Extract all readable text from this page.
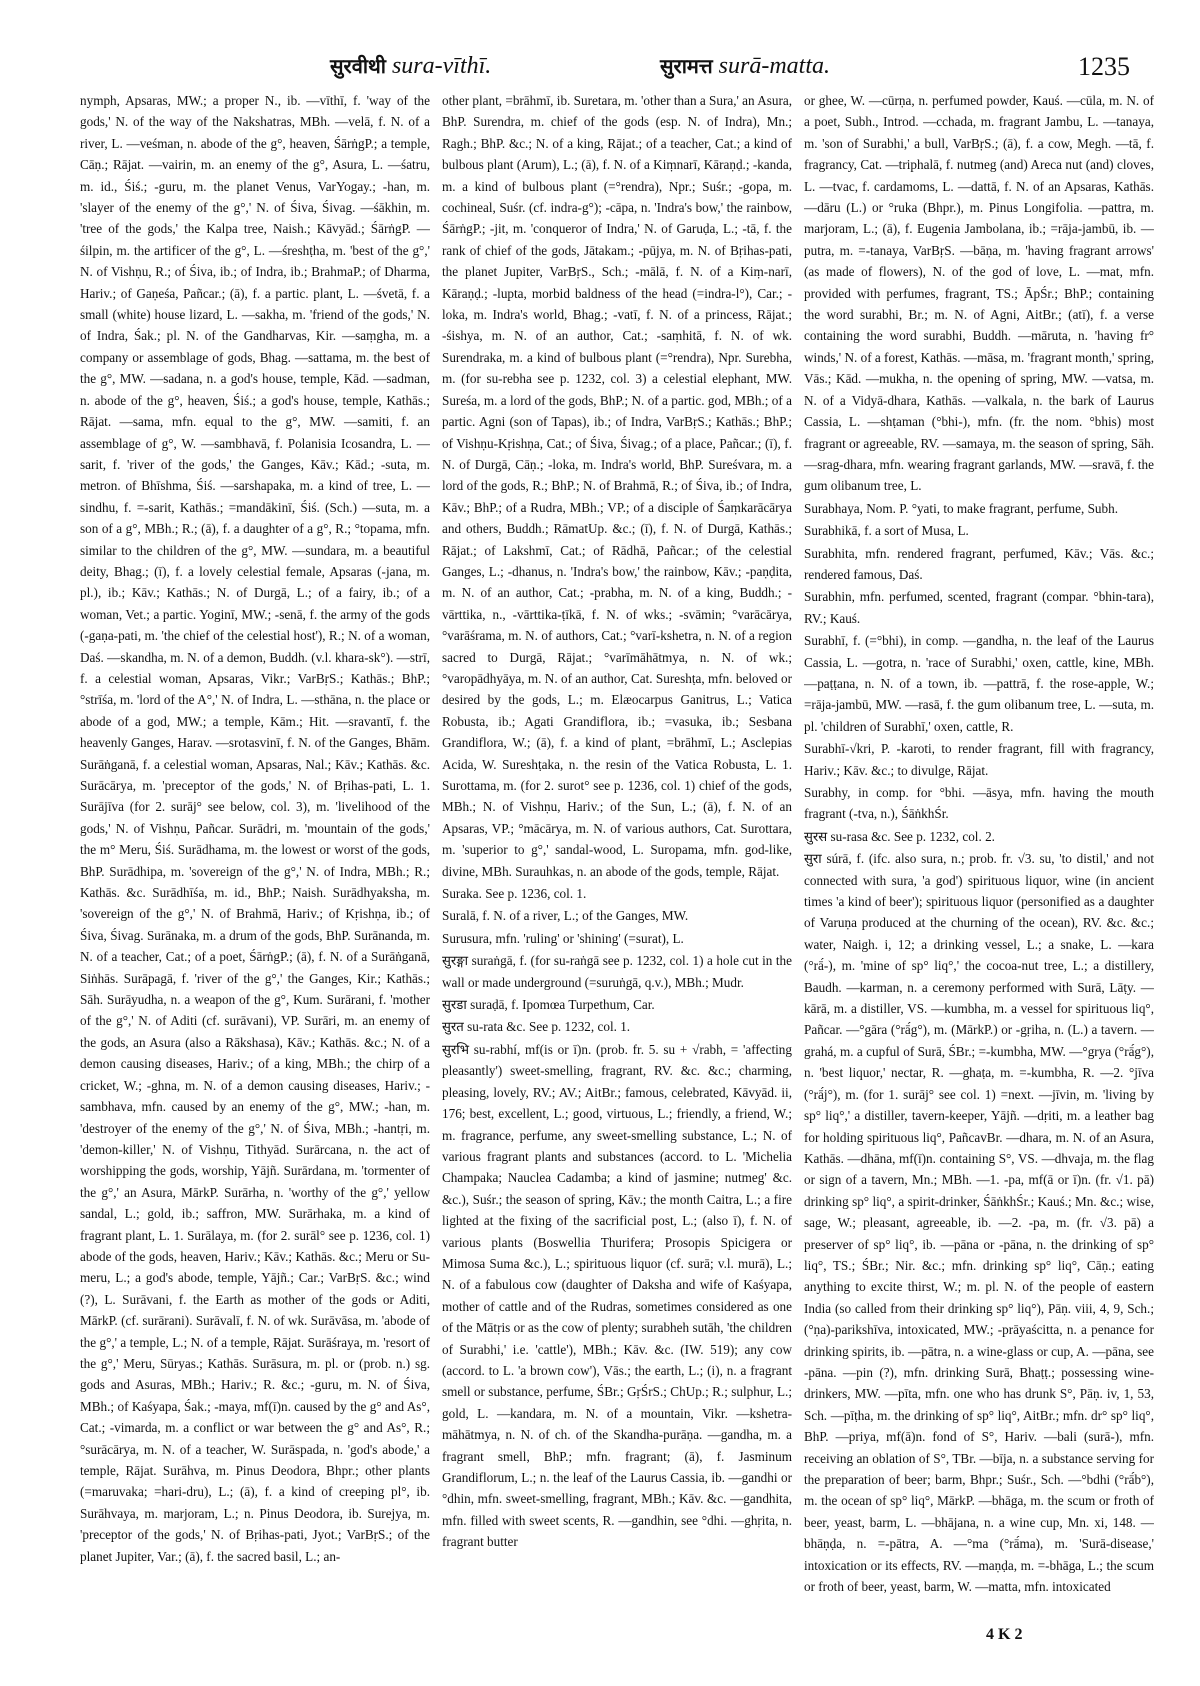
सुरवीथी sura-vīthī.	सुरामत्त surā-matta.	1235

nymph, Apsaras, MW.; a proper N., ib. —vīthī, f. 'way of the gods,' N. of the way of the Nakshatras, MBh. —velā, f. N. of a river, L. —veśman, n. abode of the g°, heaven, ŚārṅgP.; a temple, Cāṇ.; Rājat. —vairin, m. an enemy of the g°, Asura, L. —śatru, m. id., Śiś.; -guru, m. the planet Venus, VarYogay.; -han, m. 'slayer of the enemy of the g°,' N. of Śiva, Śivag. —śākhin, m. 'tree of the gods,' the Kalpa tree, Naish.; Kāvyād.; ŚārṅgP. —śilpin, m. the artificer of the g°, L. —śreshṭha, m. 'best of the g°,' N. of Vishṇu, R.; of Śiva, ib.; of Indra, ib.; BrahmaP.; of Dharma, Hariv.; of Gaṇeśa, Pañcar.; (ā), f. a partic. plant, L. —śvetā, f. a small (white) house lizard, L. —sakha, m. 'friend of the gods,' N. of Indra, Śak.; pl. N. of the Gandharvas, Kir. —saṃgha, m. a company or assemblage of gods, Bhag. —sattama, m. the best of the g°, MW. —sadana, n. a god's house, temple, Kād. —sadman, n. abode of the g°, heaven, Śiś.; a god's house, temple, Kathās.; Rājat. —sama, mfn. equal to the g°, MW. —samiti, f. an assemblage of g°, W. —sambhavā, f. Polanisia Icosandra, L. —sarit, f. 'river of the gods,' the Ganges, Kāv.; Kād.; -suta, m. metron. of Bhīshma, Śiś. —sarshapaka, m. a kind of tree, L. —sindhu, f. =-sarit, Kathās.; =mandākinī, Śiś. (Sch.) —suta, m. a son of a g°, MBh.; R.; (ā), f. a daughter of a g°, R.; °topama, mfn. similar to the children of the g°, MW. —sundara, m. a beautiful deity, Bhag.; (ī), f. a lovely celestial female, Apsaras (-jana, m. pl.), ib.; Kāv.; Kathās.; N. of Durgā, L.; of a fairy, ib.; of a woman, Vet.; a partic. Yoginī, MW.; -senā, f. the army of the gods (-gaṇa-pati, m. 'the chief of the celestial host'), R.; N. of a woman, Daś. —skandha, m. N. of a demon, Buddh. (v.l. khara-sk°). —strī, f. a celestial woman, Apsaras, Vikr.; VarBṛS.; Kathās.; BhP.; °strīśa, m. 'lord of the A°,' N. of Indra, L. —sthāna, n. the place or abode of a god, MW.; a temple, Kām.; Hit. —sravantī, f. the heavenly Ganges, Harav. —srotasvinī, f. N. of the Ganges, Bhām. Surāṅganā, f. a celestial woman, Apsaras, Nal.; Kāv.; Kathās. &c. Surācārya, m. 'preceptor of the gods,' N. of Bṛihas-pati, L. 1. Surājīva (for 2. surāj° see below, col. 3), m. 'livelihood of the gods,' N. of Vishṇu, Pañcar. Surādri, m. 'mountain of the gods,' the m° Meru, Śiś. Surādhama, m. the lowest or worst of the gods, BhP. Surādhipa, m. 'sovereign of the g°,' N. of Indra, MBh.; R.; Kathās. &c. Surādhīśa, m. id., BhP.; Naish. Surādhyaksha, m. 'sovereign of the g°,' N. of Brahmā, Hariv.; of Kṛishṇa, ib.; of Śiva, Śivag. Surānaka, m. a drum of the gods, BhP. Surānanda, m. N. of a teacher, Cat.; of a poet, ŚārṅgP.; (ā), f. N. of a Surāṅganā, Siṅhās. Surāpagā, f. 'river of the g°,' the Ganges, Kir.; Kathās.; Sāh. Surāyudha, n. a weapon of the g°, Kum. Surārani, f. 'mother of the g°,' N. of Aditi (cf. surāvani), VP. Surāri, m. an enemy of the gods, an Asura (also a Rākshasa), Kāv.; Kathās. &c.; N. of a demon causing diseases, Hariv.; of a king, MBh.; the chirp of a cricket, W.; -ghna, m. N. of a demon causing diseases, Hariv.; -sambhava, mfn. caused by an enemy of the g°, MW.; -han, m. 'destroyer of the enemy of the g°,' N. of Śiva, MBh.; -hantṛi, m. 'demon-killer,' N. of Vishṇu, Tithyād. Surārcana, n. the act of worshipping the gods, worship, Yājñ. Surārdana, m. 'tormenter of the g°,' an Asura, MārkP. Surārha, n. 'worthy of the g°,' yellow sandal, L.; gold, ib.; saffron, MW. Surārhaka, m. a kind of fragrant plant, L. 1. Surālaya, m. (for 2. surāl° see p. 1236, col. 1) abode of the gods, heaven, Hariv.; Kāv.; Kathās. &c.; Meru or Su-meru, L.; a god's abode, temple, Yājñ.; Car.; VarBṛS. &c.; wind (?), L. Surāvani, f. the Earth as mother of the gods or Aditi, MārkP. (cf. surārani). Surāvalī, f. N. of wk. Surāvāsa, m. 'abode of the g°,' a temple, L.; N. of a temple, Rājat. Surāśraya, m. 'resort of the g°,' Meru, Sūryas.; Kathās. Surāsura, m. pl. or (prob. n.) sg. gods and Asuras, MBh.; Hariv.; R. &c.; -guru, m. N. of Śiva, MBh.; of Kaśyapa, Śak.; -maya, mf(ī)n. caused by the g° and As°, Cat.; -vimarda, m. a conflict or war between the g° and As°, R.; °surācārya, m. N. of a teacher, W. Surāspada, n. 'god's abode,' a temple, Rājat. Surāhva, m. Pinus Deodora, Bhpr.; other plants (=maruvaka; =hari-dru), L.; (ā), f. a kind of creeping pl°, ib. Surāhvaya, m. marjoram, L.; n. Pinus Deodora, ib. Surejya, m. 'preceptor of the gods,' N. of Bṛihas-pati, Jyot.; VarBṛS.; of the planet Jupiter, Var.; (ā), f. the sacred basil, L.; an-

other plant, =brāhmī, ib. Suretara, m. 'other than a Sura,' an Asura, BhP. Surendra, m. chief of the gods (esp. N. of Indra), Mn.; Ragh.; BhP. &c.; N. of a king, Rājat.; of a teacher, Cat.; a kind of bulbous plant (Arum), L.; (ā), f. N. of a Kiṃnarī, Kāraṇḍ.; -kanda, m. a kind of bulbous plant (=°rendra), Npr.; Suśr.; -gopa, m. cochineal, Suśr. (cf. indra-g°); -cāpa, n. 'Indra's bow,' the rainbow, ŚārṅgP.; -jit, m. 'conqueror of Indra,' N. of Garuḍa, L.; -tā, f. the rank of chief of the gods, Jātakam.; -pūjya, m. N. of Bṛihas-pati, the planet Jupiter, VarBṛS., Sch.; -mālā, f. N. of a Kiṃ-narī, Kāraṇḍ.; -lupta, morbid baldness of the head (=indra-l°), Car.; -loka, m. Indra's world, Bhag.; -vatī, f. N. of a princess, Rājat.; -śishya, m. N. of an author, Cat.; -saṃhitā, f. N. of wk. Surendraka, m. a kind of bulbous plant (=°rendra), Npr. Surebha, m. (for su-rebha see p. 1232, col. 3) a celestial elephant, MW. Sureśa, m. a lord of the gods, BhP.; N. of a partic. god, MBh.; of a partic. Agni (son of Tapas), ib.; of Indra, VarBṛS.; Kathās.; BhP.; of Vishṇu-Kṛishṇa, Cat.; of Śiva, Śivag.; of a place, Pañcar.; (ī), f. N. of Durgā, Cāṇ.; -loka, m. Indra's world, BhP. Sureśvara, m. a lord of the gods, R.; BhP.; N. of Brahmā, R.; of Śiva, ib.; of Indra, Kāv.; BhP.; of a Rudra, MBh.; VP.; of a disciple of Śaṃkarācārya and others, Buddh.; RāmatUp. &c.; (ī), f. N. of Durgā, Kathās.; Rājat.; of Lakshmī, Cat.; of Rādhā, Pañcar.; of the celestial Ganges, L.; -dhanus, n. 'Indra's bow,' the rainbow, Kāv.; -paṇḍita, m. N. of an author, Cat.; -prabha, m. N. of a king, Buddh.; -vārttika, n., -vārttika-ṭīkā, f. N. of wks.; -svāmin; °varācārya, °varāśrama, m. N. of authors, Cat.; °varī-kshetra, n. N. of a region sacred to Durgā, Rājat.; °varīmāhātmya, n. N. of wk.; °varopādhyāya, m. N. of an author, Cat. Sureshṭa, mfn. beloved or desired by the gods, L.; m. Elæocarpus Ganitrus, L.; Vatica Robusta, ib.; Agati Grandiflora, ib.; =vasuka, ib.; Sesbana Grandiflora, W.; (ā), f. a kind of plant, =brāhmī, L.; Asclepias Acida, W. Sureshṭaka, n. the resin of the Vatica Robusta, L. 1. Surottama, m. (for 2. surot° see p. 1236, col. 1) chief of the gods, MBh.; N. of Vishṇu, Hariv.; of the Sun, L.; (ā), f. N. of an Apsaras, VP.; °mācārya, m. N. of various authors, Cat. Surottara, m. 'superior to g°,' sandal-wood, L. Suropama, mfn. god-like, divine, MBh. Surauhkas, n. an abode of the gods, temple, Rājat.

Suraka. See p. 1236, col. 1.

Suralā, f. N. of a river, L.; of the Ganges, MW.

Surusura, mfn. 'ruling' or 'shining' (=surat), L.

सुरङ्गा suraṅgā, f. (for su-raṅgā see p. 1232, col. 1) a hole cut in the wall or made underground (=suruṅgā, q.v.), MBh.; Mudr.

सुरडा suraḍā, f. Ipomœa Turpethum, Car.

सुरत su-rata &c. See p. 1232, col. 1.

सुरभि su-rabhí, mf(is or ī)n. (prob. fr. 5. su + √rabh, = 'affecting pleasantly') sweet-smelling, fragrant, RV. &c. &c.; charming, pleasing, lovely, RV.; AV.; AitBr.; famous, celebrated, Kāvyād. ii, 176; best, excellent, L.; good, virtuous, L.; friendly, a friend, W.; m. fragrance, perfume, any sweet-smelling substance, L.; N. of various fragrant plants and substances (accord. to L. 'Michelia Champaka; Nauclea Cadamba; a kind of jasmine; nutmeg' &c. &c.), Suśr.; the season of spring, Kāv.; the month Caitra, L.; a fire lighted at the fixing of the sacrificial post, L.; (also ī), f. N. of various plants (Boswellia Thurifera; Prosopis Spicigera or Mimosa Suma &c.), L.; spirituous liquor (cf. surā; v.l. murā), L.; N. of a fabulous cow (daughter of Daksha and wife of Kaśyapa, mother of cattle and of the Rudras, sometimes considered as one of the Mātṛis or as the cow of plenty; surabheh sutāh, 'the children of Surabhi,' i.e. 'cattle'), MBh.; Kāv. &c. (IW. 519); any cow (accord. to L. 'a brown cow'), Vās.; the earth, L.; (i), n. a fragrant smell or substance, perfume, ŚBr.; GṛŚrS.; ChUp.; R.; sulphur, L.; gold, L. —kandara, m. N. of a mountain, Vikr. —kshetra-māhātmya, n. N. of ch. of the Skandha-purāṇa. —gandha, m. a fragrant smell, BhP.; mfn. fragrant; (ā), f. Jasminum Grandiflorum, L.; n. the leaf of the Laurus Cassia, ib. —gandhi or °dhin, mfn. sweet-smelling, fragrant, MBh.; Kāv. &c. —gandhita, mfn. filled with sweet scents, R. —gandhin, see °dhi. —ghṛita, n. fragrant butter

or ghee, W. —cūrṇa, n. perfumed powder, Kauś. —cūla, m. N. of a poet, Subh., Introd. —cchada, m. fragrant Jambu, L. —tanaya, m. 'son of Surabhi,' a bull, VarBṛS.; (ā), f. a cow, Megh. —tā, f. fragrancy, Cat. —triphalā, f. nutmeg (and) Areca nut (and) cloves, L. —tvac, f. cardamoms, L. —dattā, f. N. of an Apsaras, Kathās. —dāru (L.) or °ruka (Bhpr.), m. Pinus Longifolia. —pattra, m. marjoram, L.; (ā), f. Eugenia Jambolana, ib.; =rāja-jambū, ib. —putra, m. =-tanaya, VarBṛS. —bāṇa, m. 'having fragrant arrows' (as made of flowers), N. of the god of love, L. —mat, mfn. provided with perfumes, fragrant, TS.; ĀpŚr.; BhP.; containing the word surabhi, Br.; m. N. of Agni, AitBr.; (atī), f. a verse containing the word surabhi, Buddh. —māruta, n. 'having fr° winds,' N. of a forest, Kathās. —māsa, m. 'fragrant month,' spring, Vās.; Kād. —mukha, n. the opening of spring, MW. —vatsa, m. N. of a Vidyā-dhara, Kathās. —valkala, n. the bark of Laurus Cassia, L. —shṭaman (°bhi-), mfn. (fr. the nom. °bhis) most fragrant or agreeable, RV. —samaya, m. the season of spring, Sāh. —srag-dhara, mfn. wearing fragrant garlands, MW. —sravā, f. the gum olibanum tree, L.

Surabhaya, Nom. P. °yati, to make fragrant, perfume, Subh.

Surabhikā, f. a sort of Musa, L.

Surabhita, mfn. rendered fragrant, perfumed, Kāv.; Vās. &c.; rendered famous, Daś.

Surabhin, mfn. perfumed, scented, fragrant (compar. °bhin-tara), RV.; Kauś.

Surabhī, f. (=°bhi), in comp. —gandha, n. the leaf of the Laurus Cassia, L. —gotra, n. 'race of Surabhi,' oxen, cattle, kine, MBh. —paṭṭana, n. N. of a town, ib. —pattrā, f. the rose-apple, W.; =rāja-jambū, MW. —rasā, f. the gum olibanum tree, L. —suta, m. pl. 'children of Surabhī,' oxen, cattle, R.

Surabhī-√kri, P. -karoti, to render fragrant, fill with fragrancy, Hariv.; Kāv. &c.; to divulge, Rājat.

Surabhy, in comp. for °bhi. —āsya, mfn. having the mouth fragrant (-tva, n.), ŚāṅkhŚr.

सुरस su-rasa &c. See p. 1232, col. 2.

सुरा súrā, f. (ifc. also sura, n.; prob. fr. √3. su, 'to distil,' and not connected with sura, 'a god') spirituous liquor, wine (in ancient times 'a kind of beer'); spirituous liquor (personified as a daughter of Varuṇa produced at the churning of the ocean), RV. &c. &c.; water, Naigh. i, 12; a drinking vessel, L.; a snake, L. —kara (°rā́-), m. 'mine of sp° liq°,' the cocoa-nut tree, L.; a distillery, Baudh. —karman, n. a ceremony performed with Surā, Lāṭy. —kārā, m. a distiller, VS. —kumbha, m. a vessel for spirituous liq°, Pañcar. —°gāra (°rā́g°), m. (MārkP.) or -gṛiha, n. (L.) a tavern. —grahá, m. a cupful of Surā, ŚBr.; =-kumbha, MW. —°grya (°rā́g°), n. 'best liquor,' nectar, R. —ghaṭa, m. =-kumbha, R. —2. °jīva (°rā́j°), m. (for 1. surāj° see col. 1) =next. —jīvin, m. 'living by sp° liq°,' a distiller, tavern-keeper, Yājñ. —dṛiti, m. a leather bag for holding spirituous liq°, PañcavBr. —dhara, m. N. of an Asura, Kathās. —dhāna, mf(ī)n. containing S°, VS. —dhvaja, m. the flag or sign of a tavern, Mn.; MBh. —1. -pa, mf(ā or ī)n. (fr. √1. pā) drinking sp° liq°, a spirit-drinker, ŚāṅkhŚr.; Kauś.; Mn. &c.; wise, sage, W.; pleasant, agreeable, ib. —2. -pa, m. (fr. √3. pā) a preserver of sp° liq°, ib. —pāna or -pāna, n. the drinking of sp° liq°, TS.; ŚBr.; Nir. &c.; mfn. drinking sp° liq°, Cāṇ.; eating anything to excite thirst, W.; m. pl. N. of the people of eastern India (so called from their drinking sp° liq°), Pāṇ. viii, 4, 9, Sch.; (°ṇa)-parikshīva, intoxicated, MW.; -prāyaścitta, n. a penance for drinking spirits, ib. —pātra, n. a wine-glass or cup, A. —pāna, see -pāna. —pin (?), mfn. drinking Surā, Bhaṭṭ.; possessing wine-drinkers, MW. —pīta, mfn. one who has drunk S°, Pāṇ. iv, 1, 53, Sch. —pīṭha, m. the drinking of sp° liq°, AitBr.; mfn. dr° sp° liq°, BhP. —priya, mf(ā)n. fond of S°, Hariv. —bali (surā-), mfn. receiving an oblation of S°, TBr. —bīja, n. a substance serving for the preparation of beer; barm, Bhpr.; Suśr., Sch. —°bdhi (°rā́b°), m. the ocean of sp° liq°, MārkP. —bhāga, m. the scum or froth of beer, yeast, barm, L. —bhājana, n. a wine cup, Mn. xi, 148. —bhāṇḍa, n. =-pātra, A. —°ma (°rā́ma), m. 'Surā-disease,' intoxication or its effects, RV. —maṇḍa, m. =-bhāga, L.; the scum or froth of beer, yeast, barm, W. —matta, mfn. intoxicated

4 K 2
